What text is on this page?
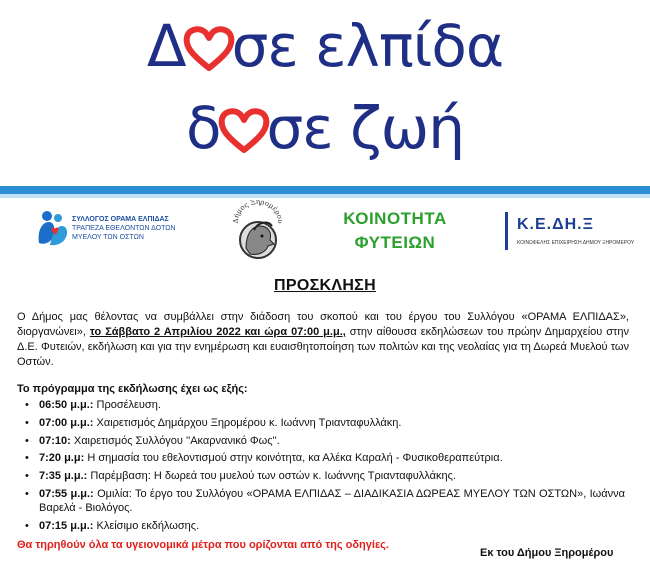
Δ σε ελπίδα
δ σε ζωή
ΣΥΛΛΟΓΟΣ ΟΡΑΜΑ ΕΛΠΙΔΑΣ
ΤΡΑΠΕΖΑ ΕΘΕΛΟΝΤΩΝ ΔΟΤΩΝ
ΜΥΕΛΟΥ ΤΩΝ ΟΣΤΩΝ
Δήμος Ξηρομέρου	ΚΟΙΝΟΤΗΤΑ
ΦΥΤΕΙΩΝ
Κ.Ε.ΔΗ.Ξ
ΚΟΙΝΩΦΕΛΗΣ ΕΠΙΧΕΙΡΗΣΗ ΔΗΜΟΥ ΞΗΡΟΜΕΡΟΥ
ΠΡΟΣΚΛΗΣΗ
Ο Δήμος μας θέλοντας να συμβάλλει στην διάδοση του σκοπού και του έργου του Συλλόγου «ΟΡΑΜΑ ΕΛΠΙΔΑΣ», διοργανώνει», το Σάββατο 2 Απριλίου 2022 και ώρα 07:00 μ.μ., στην αίθουσα εκδηλώσεων του πρώην Δημαρχείου στην Δ.Ε. Φυτειών, εκδήλωση και για την ενημέρωση και ευαισθητοποίηση των πολιτών και της νεολαίας για τη Δωρεά Μυελού των Οστών.
Το πρόγραμμα της εκδήλωσης έχει ως εξής:
• 06:50 μ.μ.: Προσέλευση.
• 07:00 μ.μ.: Χαιρετισμός Δημάρχου Ξηρομέρου κ. Ιωάννη Τριανταφυλλάκη.
• 07:10: Χαιρετισμός Συλλόγου ''Ακαρνανικό Φως''.
• 7:20 μ.μ: Η σημασία του εθελοντισμού στην κοινότητα, κα Αλέκα Καραλή - Φυσικοθεραπεύτρια.
• 7:35 μ.μ.: Παρέμβαση: Η δωρεά του μυελού των οστών κ. Ιωάννης Τριανταφυλλάκης.
• 07:55 μ.μ.: Ομιλία: Το έργο του Συλλόγου «ΟΡΑΜΑ ΕΛΠΙΔΑΣ – ΔΙΑΔΙΚΑΣΙΑ ΔΩΡΕΑΣ ΜΥΕΛΟΥ ΤΩΝ ΟΣΤΩΝ», Ιωάννα Βαρελά - Βιολόγος.
• 07:15 μ.μ.: Κλείσιμο εκδήλωσης.
Θα τηρηθούν όλα τα υγειονομικά μέτρα που ορίζονται από της οδηγίες.
Εκ του Δήμου Ξηρομέρου
